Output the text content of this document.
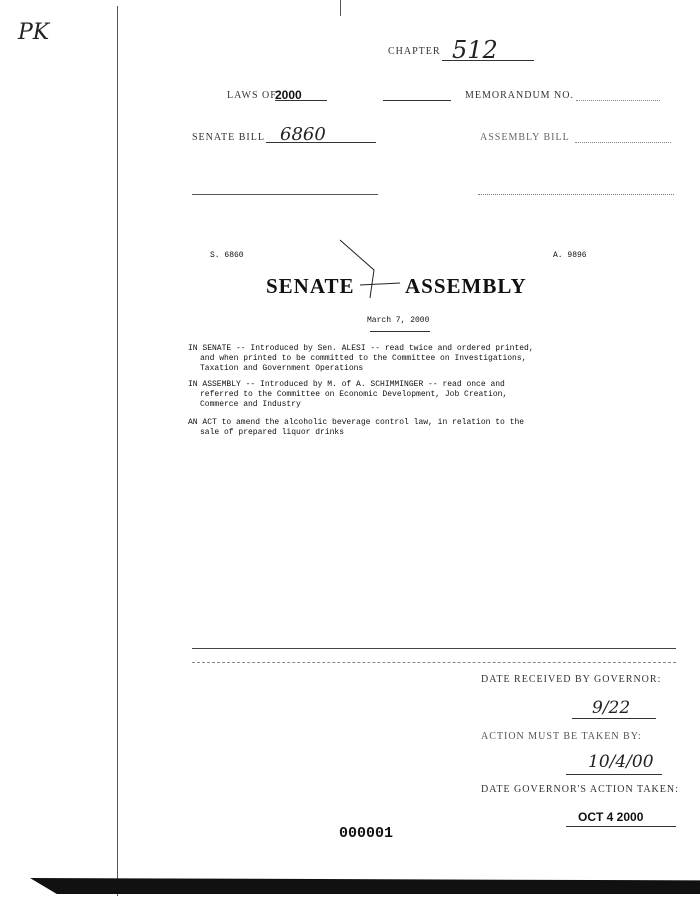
PK
CHAPTER 512
LAWS OF
2000	MEMORANDUM NO.
SENATE BILL 6860	ASSEMBLY BILL
S. 6860	A. 9896
SENATE ASSEMBLY
March 7, 2000

IN SENATE -- Introduced by Sen. ALESI -- read twice and ordered printed,

and when printed to be committed to the Committee on Investigations,

Taxation and Government Operations

IN ASSEMBLY -- Introduced by M. of A. SCHIMMINGER -- read once and

referred to the Committee on Economic Development, Job Creation,

Commerce and Industry

AN ACT to amend the alcoholic beverage control law, in relation to the

sale of prepared liquor drinks

DATE RECEIVED BY GOVERNOR:
9/22
ACTION MUST BE TAKEN BY:
10/4/00
DATE GOVERNOR'S ACTION TAKEN:
OCT 4 2000
000001
